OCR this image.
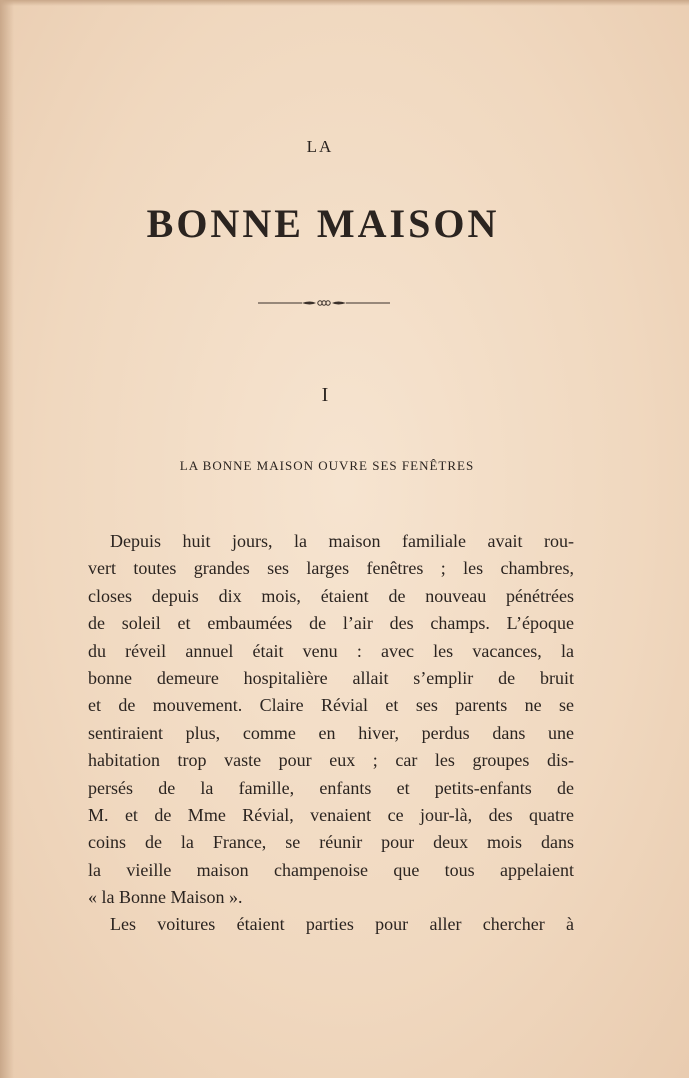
LA
BONNE MAISON
I
LA BONNE MAISON OUVRE SES FENÊTRES
Depuis huit jours, la maison familiale avait rou-
vert toutes grandes ses larges fenêtres ; les chambres,
closes depuis dix mois, étaient de nouveau pénétrées
de soleil et embaumées de l’air des champs. L’époque
du réveil annuel était venu : avec les vacances, la
bonne demeure hospitalière allait s’emplir de bruit
et de mouvement. Claire Révial et ses parents ne se
sentiraient plus, comme en hiver, perdus dans une
habitation trop vaste pour eux ; car les groupes dis-
persés de la famille, enfants et petits-enfants de
M. et de Mme Révial, venaient ce jour-là, des quatre
coins de la France, se réunir pour deux mois dans
la vieille maison champenoise que tous appelaient
« la Bonne Maison ».
Les voitures étaient parties pour aller chercher à
